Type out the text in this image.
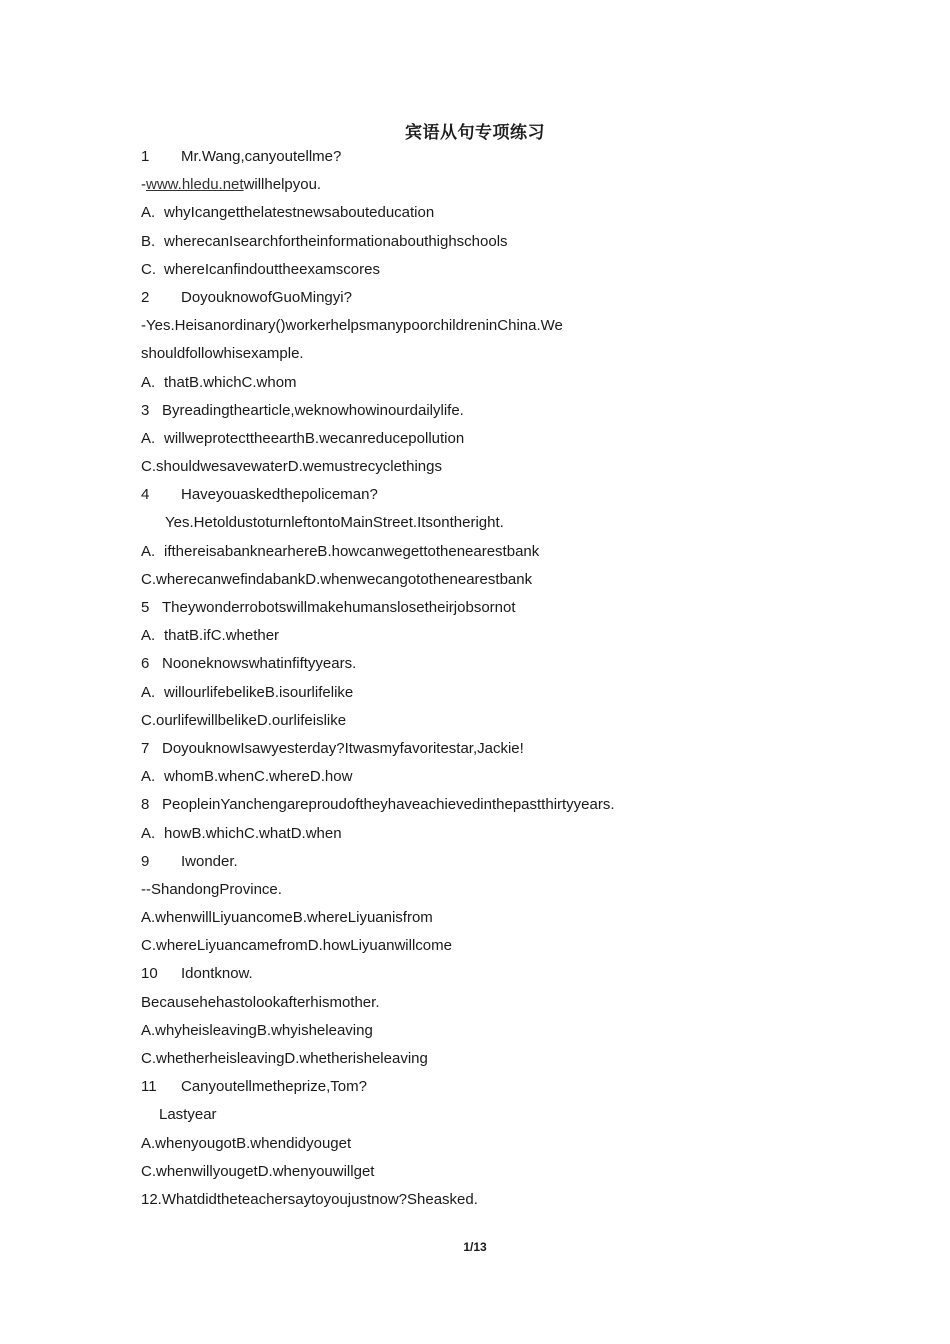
宾语从句专项练习
1 Mr.Wang,canyoutellme?
-www.hledu.netwillhelpyou.
A. whyIcangetthelatestnewsabouteducation
B. wherecanIsearchfortheinformationabouthighschools
C. whereIcanfindouttheexamscores
2 DoyouknowofGuoMingyi?
-Yes.Heisanordinary()workerhelpsmanypoorchildreninChina.We
shouldfollowhisexample.
A. thatB.whichC.whom
3 Byreadingthearticle,weknowhowinourdailylife.
A. willweprotecttheearthB.wecanreducepollution
C.shouldwesavewaterD.wemustrecyclethings
4 Haveyouaskedthepoliceman?
Yes.HetoldustoturnleftontoMainStreet.Itsontheright.
A. ifthereisabanknearhereB.howcanwegettothenearestbank
C.wherecanwefindabankD.whenwecangotothenearestbank
5 Theywonderrobotswillmakehumanslosetheirjobsornot
A. thatB.ifC.whether
6 Nooneknowswhatinfiftyyears.
A. willourlifebelikeB.isourlifelike
C.ourlifewillbelikeD.ourlifeislike
7 DoyouknowIsawyesterday?Itwasmyfavoritestar,Jackie!
A. whomB.whenC.whereD.how
8 PeopleinYanchengareproudoftheyhaveachievedinthepastthirtyyears.
A. howB.whichC.whatD.when
9 Iwonder.
--ShandongProvince.
A.whenwillLiyuancomeB.whereLiyuanisfrom
C.whereLiyuancamefromD.howLiyuanwillcome
10 Idontknow.
Becausehehastolookafterhismother.
A.whyheisleavingB.whyisheleaving
C.whetherheisleavingD.whetherisheleaving
11 Canyoutellmetheprize,Tom?
Lastyear
A.whenyougotB.whendidyouget
C.whenwillyougetD.whenyouwillget
12.Whatdidtheteachersaytoyoujustnow?Sheasked.
1/13
